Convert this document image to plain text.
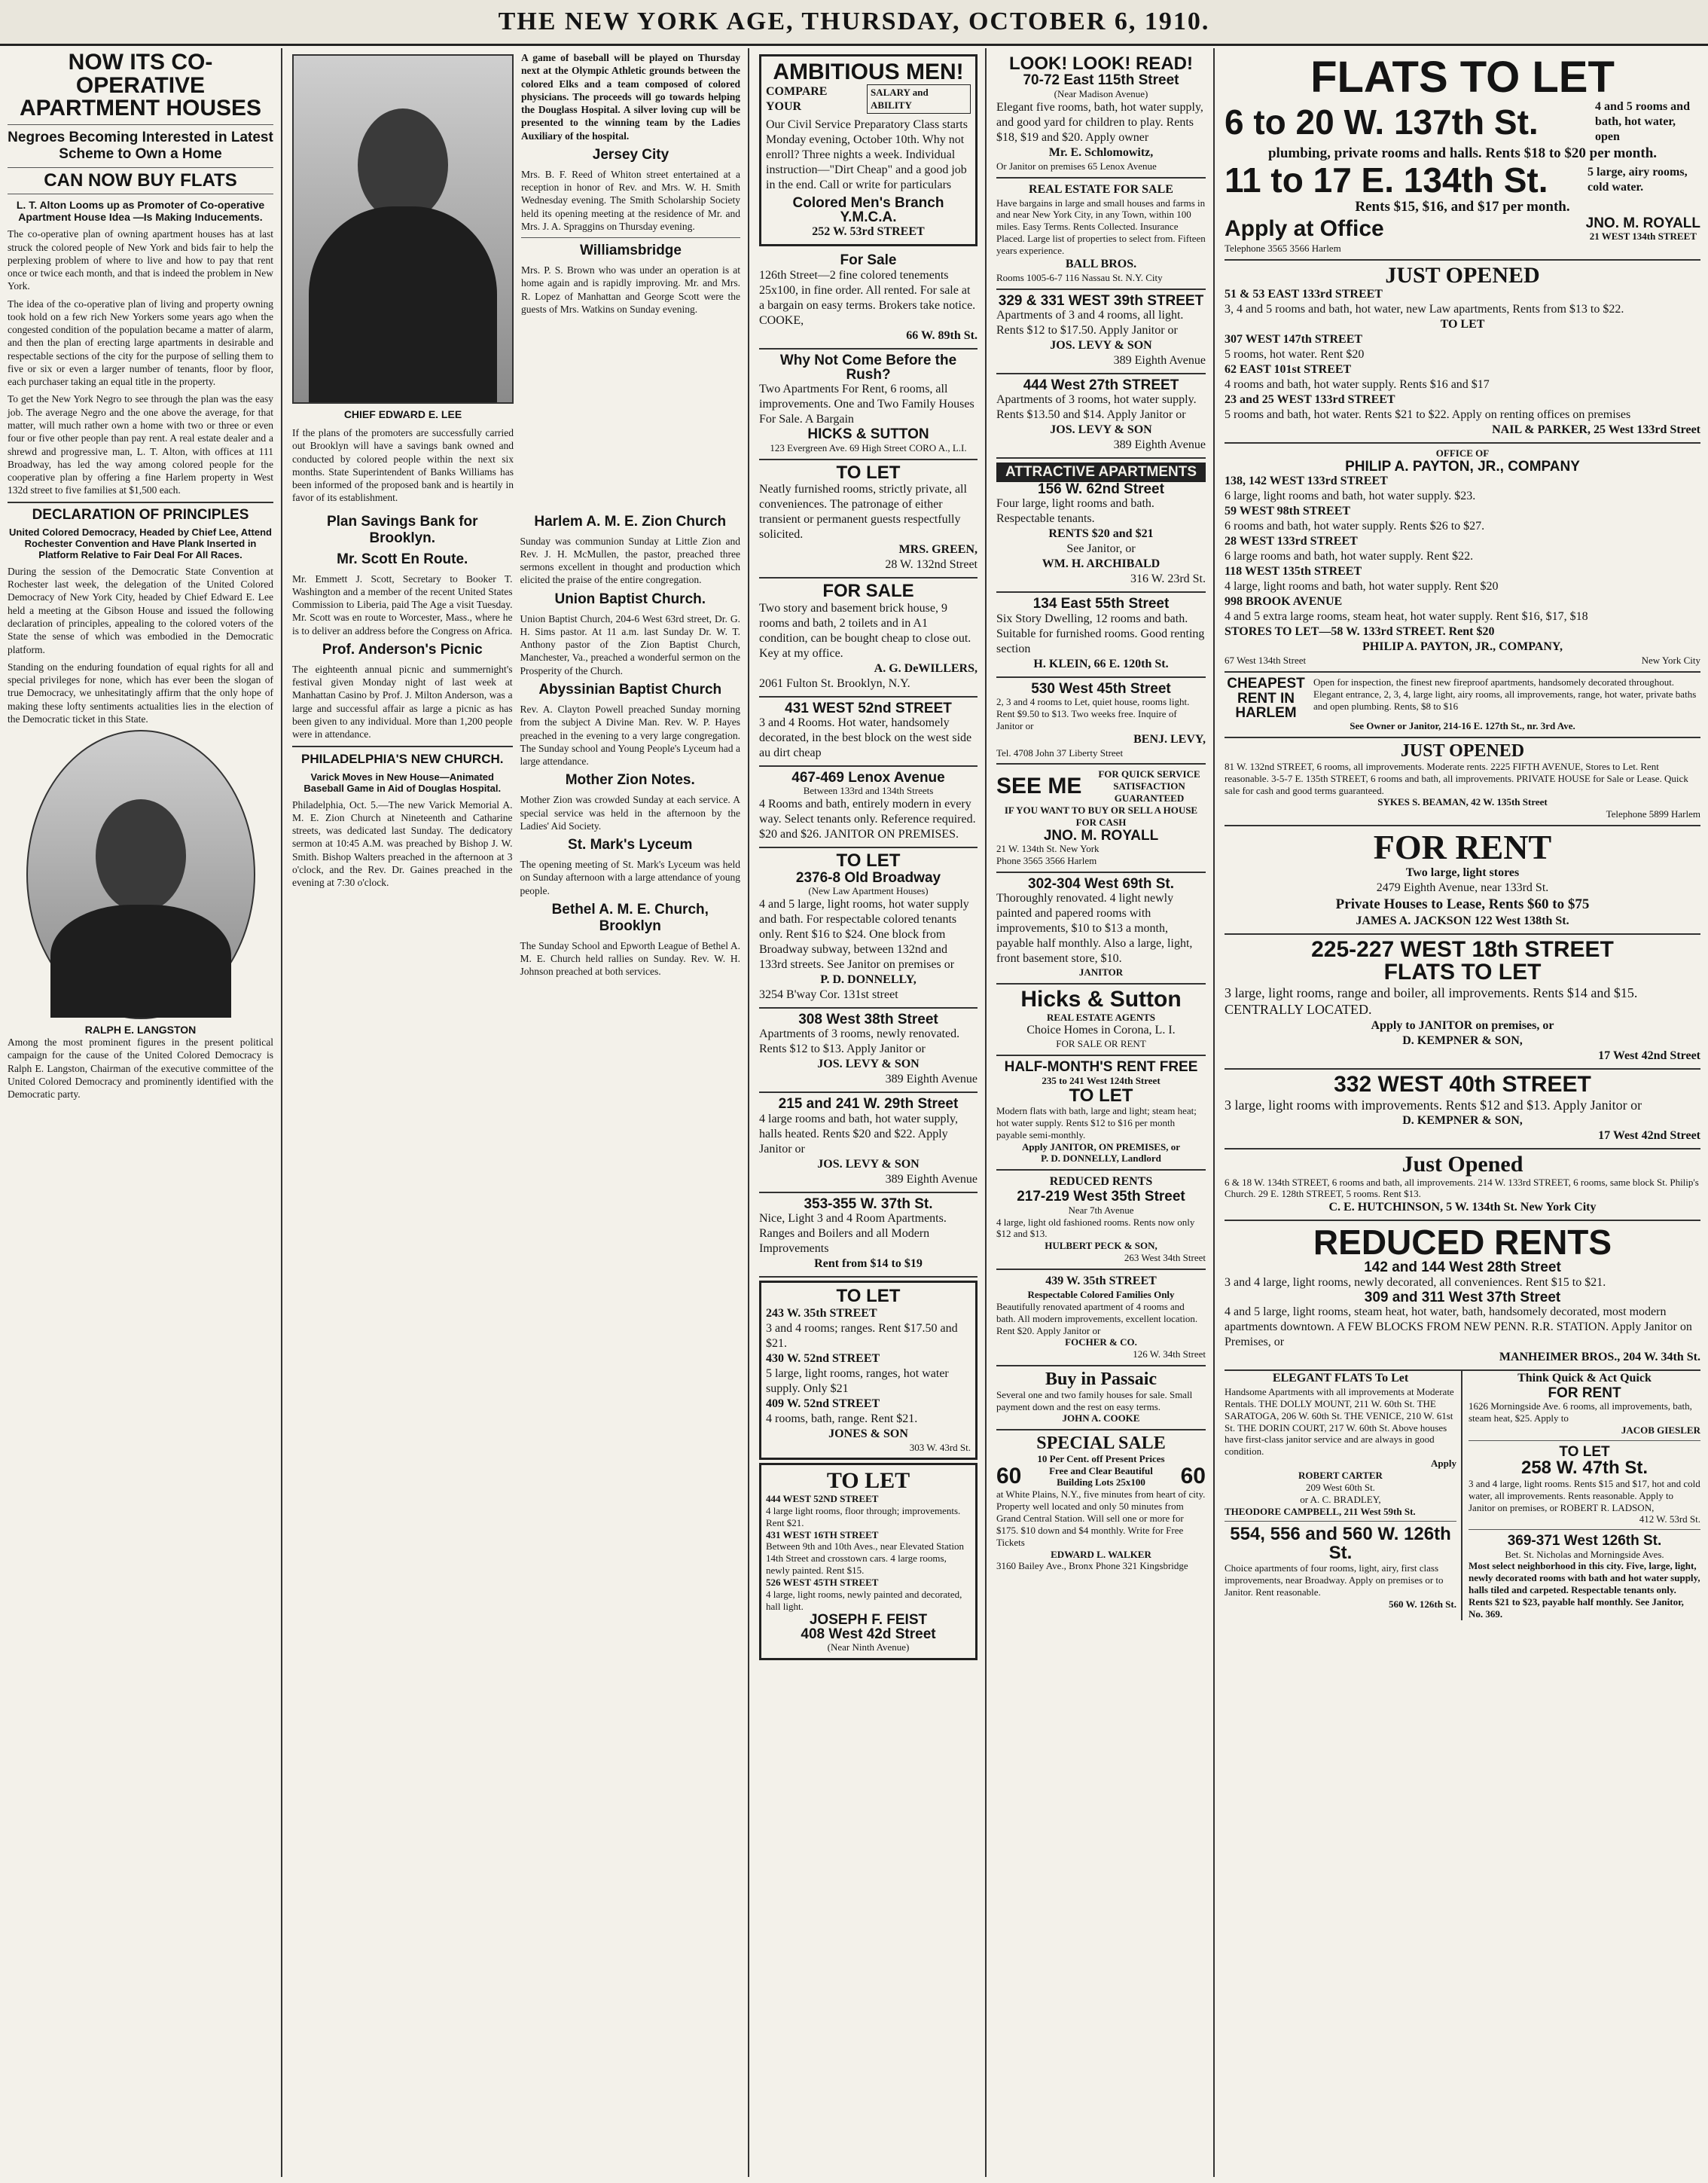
THE NEW YORK AGE, THURSDAY, OCTOBER 6, 1910.
NOW ITS CO-OPERATIVE APARTMENT HOUSES
Negroes Becoming Interested in Latest Scheme to Own a Home
CAN NOW BUY FLATS
L. T. Alton Looms up as Promoter of Co-operative Apartment House Idea —Is Making Inducements.

The co-operative plan of owning apartment houses has at last struck the colored people of New York and bids fair to help the perplexing problem of where to live and how to pay that rent once or twice each month, and that is indeed the problem in New York.

The idea of the co-operative plan of living and property owning took hold on a few rich New Yorkers some years ago when the congested condition of the population became a matter of alarm, and then the plan of erecting large apartments in desirable and respectable sections of the city for the purpose of selling them to five or six or even a larger number of tenants, floor by floor, each purchaser taking an equal title in the property.

To get the New York Negro to see through the plan was the easy job. The average Negro and the one above the average, for that matter, will much rather own a home with two or three or even four or five other people than pay rent. A real estate dealer and a shrewd and progressive man, L. T. Alton, with offices at 111 Broadway, has led the way among colored people for the cooperative plan by offering a fine Harlem property in West 132d street to five families at $1,500 each.

DECLARATION OF PRINCIPLES
United Colored Democracy, Headed by Chief Lee, Attend Rochester Convention and Have Plank Inserted in Platform Relative to Fair Deal For All Races.

During the session of the Democratic State Convention at Rochester last week, the delegation of the United Colored Democracy of New York City, headed by Chief Edward E. Lee held a meeting at the Gibson House and issued the following declaration of principles, appealing to the colored voters of the State the sense of which was embodied in the Democratic platform.

Standing on the enduring foundation of equal rights for all and special privileges for none, which has ever been the slogan of true Democracy, we unhesitatingly affirm that the only hope of making these lofty sentiments actualities lies in the election of the Democratic ticket in this State.

RALPH E. LANGSTON

Among the most prominent figures in the present political campaign for the cause of the United Colored Democracy is Ralph E. Langston, Chairman of the executive committee of the United Colored Democracy and prominently identified with the Democratic party.

CHIEF EDWARD E. LEE

If the plans of the promoters are successfully carried out Brooklyn will have a savings bank owned and conducted by colored people within the next six months. State Superintendent of Banks Williams has been informed of the proposed bank and is heartily in favor of its establishment.

A game of baseball will be played on Thursday next at the Olympic Athletic grounds between the colored Elks and a team composed of colored physicians. The proceeds will go towards helping the Douglass Hospital. A silver loving cup will be presented to the winning team by the Ladies Auxiliary of the hospital.

Jersey City

Mrs. B. F. Reed of Whiton street entertained at a reception in honor of Rev. and Mrs. W. H. Smith Wednesday evening. The Smith Scholarship Society held its opening meeting at the residence of Mr. and Mrs. J. A. Spraggins on Thursday evening.

Williamsbridge

Mrs. P. S. Brown who was under an operation is at home again and is rapidly improving. Mr. and Mrs. R. Lopez of Manhattan and George Scott were the guests of Mrs. Watkins on Sunday evening.

Plan Savings Bank for Brooklyn.
Mr. Scott En Route.

Mr. Emmett J. Scott, Secretary to Booker T. Washington and a member of the recent United States Commission to Liberia, paid The Age a visit Tuesday. Mr. Scott was en route to Worcester, Mass., where he is to deliver an address before the Congress on Africa.

Prof. Anderson's Picnic

The eighteenth annual picnic and summernight's festival given Monday night of last week at Manhattan Casino by Prof. J. Milton Anderson, was a large and successful affair as large a picnic as has been given to any individual. More than 1,200 people were in attendance.

PHILADELPHIA'S NEW CHURCH.
Varick Moves in New House—Animated Baseball Game in Aid of Douglas Hospital.

Philadelphia, Oct. 5.—The new Varick Memorial A. M. E. Zion Church at Nineteenth and Catharine streets, was dedicated last Sunday. The dedicatory sermon at 10:45 A.M. was preached by Bishop J. W. Smith. Bishop Walters preached in the afternoon at 3 o'clock, and the Rev. Dr. Gaines preached in the evening at 7:30 o'clock.

Harlem A. M. E. Zion Church

Sunday was communion Sunday at Little Zion and Rev. J. H. McMullen, the pastor, preached three sermons excellent in thought and production which elicited the praise of the entire congregation.

Union Baptist Church.

Union Baptist Church, 204-6 West 63rd street, Dr. G. H. Sims pastor. At 11 a.m. last Sunday Dr. W. T. Anthony pastor of the Zion Baptist Church, Manchester, Va., preached a wonderful sermon on the Prosperity of the Church.

Abyssinian Baptist Church

Rev. A. Clayton Powell preached Sunday morning from the subject A Divine Man. Rev. W. P. Hayes preached in the evening to a very large congregation. The Sunday school and Young People's Lyceum had a large attendance.

Mother Zion Notes.

Mother Zion was crowded Sunday at each service. A special service was held in the afternoon by the Ladies' Aid Society.

St. Mark's Lyceum

The opening meeting of St. Mark's Lyceum was held on Sunday afternoon with a large attendance of young people.

Bethel A. M. E. Church, Brooklyn

The Sunday School and Epworth League of Bethel A. M. E. Church held rallies on Sunday. Rev. W. H. Johnson preached at both services.

AMBITIOUS MEN!
COMPARE YOUR
SALARY and ABILITY
Our Civil Service Preparatory Class starts Monday evening, October 10th. Why not enroll? Three nights a week. Individual instruction—"Dirt Cheap" and a good job in the end. Call or write for particulars
Colored Men's Branch Y.M.C.A.
252 W. 53rd STREET
For Sale
126th Street—2 fine colored tenements 25x100, in fine order. All rented. For sale at a bargain on easy terms. Brokers take notice. COOKE,
66 W. 89th St.
Why Not Come Before the Rush?
Two Apartments For Rent, 6 rooms, all improvements. One and Two Family Houses For Sale. A Bargain
HICKS & SUTTON
123 Evergreen Ave. 69 High Street CORO A., L.I.
TO LET
Neatly furnished rooms, strictly private, all conveniences. The patronage of either transient or permanent guests respectfully solicited.
MRS. GREEN,
28 W. 132nd Street
FOR SALE
Two story and basement brick house, 9 rooms and bath, 2 toilets and in A1 condition, can be bought cheap to close out. Key at my office.
A. G. DeWILLERS,
2061 Fulton St. Brooklyn, N.Y.
431 WEST 52nd STREET
3 and 4 Rooms. Hot water, handsomely decorated, in the best block on the west side au dirt cheap
467-469 Lenox Avenue
Between 133rd and 134th Streets
4 Rooms and bath, entirely modern in every way. Select tenants only. Reference required. $20 and $26. JANITOR ON PREMISES.
TO LET
2376-8 Old Broadway
(New Law Apartment Houses)
4 and 5 large, light rooms, hot water supply and bath. For respectable colored tenants only. Rent $16 to $24. One block from Broadway subway, between 132nd and 133rd streets. See Janitor on premises or
P. D. DONNELLY,
3254 B'way Cor. 131st street
308 West 38th Street
Apartments of 3 rooms, newly renovated. Rents $12 to $13. Apply Janitor or
JOS. LEVY & SON
389 Eighth Avenue
215 and 241 W. 29th Street
4 large rooms and bath, hot water supply, halls heated. Rents $20 and $22. Apply Janitor or
JOS. LEVY & SON
389 Eighth Avenue
353-355 W. 37th St.
Nice, Light 3 and 4 Room Apartments. Ranges and Boilers and all Modern Improvements
Rent from $14 to $19
TO LET
243 W. 35th STREET
3 and 4 rooms; ranges. Rent $17.50 and $21.
430 W. 52nd STREET
5 large, light rooms, ranges, hot water supply. Only $21
409 W. 52nd STREET
4 rooms, bath, range. Rent $21.
JONES & SON
303 W. 43rd St.
TO LET
444 WEST 52ND STREET
4 large light rooms, floor through; improvements. Rent $21.
431 WEST 16TH STREET
Between 9th and 10th Aves., near Elevated Station 14th Street and crosstown cars. 4 large rooms, newly painted. Rent $15.
526 WEST 45TH STREET
4 large, light rooms, newly painted and decorated, hall light.
JOSEPH F. FEIST
408 West 42d Street
(Near Ninth Avenue)
LOOK! LOOK! READ!
70-72 East 115th Street
(Near Madison Avenue)
Elegant five rooms, bath, hot water supply, and good yard for children to play. Rents $18, $19 and $20. Apply owner
Mr. E. Schlomowitz,
Or Janitor on premises 65 Lenox Avenue
REAL ESTATE FOR SALE
Have bargains in large and small houses and farms in and near New York City, in any Town, within 100 miles. Easy Terms. Rents Collected. Insurance Placed. Large list of properties to select from. Fifteen years experience.
BALL BROS.
Rooms 1005-6-7 116 Nassau St. N.Y. City
329 & 331 WEST 39th STREET
Apartments of 3 and 4 rooms, all light. Rents $12 to $17.50. Apply Janitor or
JOS. LEVY & SON
389 Eighth Avenue
444 West 27th STREET
Apartments of 3 rooms, hot water supply. Rents $13.50 and $14. Apply Janitor or
JOS. LEVY & SON
389 Eighth Avenue
ATTRACTIVE APARTMENTS
156 W. 62nd Street
Four large, light rooms and bath. Respectable tenants.
RENTS $20 and $21
See Janitor, or
WM. H. ARCHIBALD
316 W. 23rd St.
134 East 55th Street
Six Story Dwelling, 12 rooms and bath. Suitable for furnished rooms. Good renting section
H. KLEIN, 66 E. 120th St.
530 West 45th Street
2, 3 and 4 rooms to Let, quiet house, rooms light. Rent $9.50 to $13. Two weeks free. Inquire of Janitor or
BENJ. LEVY,
Tel. 4708 John 37 Liberty Street
SEE ME	FOR QUICK SERVICE SATISFACTION GUARANTEED
IF YOU WANT TO BUY OR SELL A HOUSE FOR CASH
JNO. M. ROYALL
21 W. 134th St. New York
Phone 3565 3566 Harlem
302-304 West 69th St.
Thoroughly renovated. 4 light newly painted and papered rooms with improvements, $10 to $13 a month, payable half monthly. Also a large, light, front basement store, $10.
JANITOR
Hicks & Sutton
REAL ESTATE AGENTS
Choice Homes in Corona, L. I.
FOR SALE OR RENT
HALF-MONTH'S RENT FREE
235 to 241 West 124th Street
TO LET
Modern flats with bath, large and light; steam heat; hot water supply. Rents $12 to $16 per month payable semi-monthly.
Apply JANITOR, ON PREMISES, or
P. D. DONNELLY, Landlord
REDUCED RENTS
217-219 West 35th Street
Near 7th Avenue
4 large, light old fashioned rooms. Rents now only $12 and $13.
HULBERT PECK & SON,
263 West 34th Street
439 W. 35th STREET
Respectable Colored Families Only
Beautifully renovated apartment of 4 rooms and bath. All modern improvements, excellent location. Rent $20. Apply Janitor or
FOCHER & CO.
126 W. 34th Street
Buy in Passaic
Several one and two family houses for sale. Small payment down and the rest on easy terms.
JOHN A. COOKE
SPECIAL SALE
10 Per Cent. off Present Prices
60	Free and Clear Beautiful Building Lots 25x100	60
at White Plains, N.Y., five minutes from heart of city. Property well located and only 50 minutes from Grand Central Station. Will sell one or more for $175. $10 down and $4 monthly. Write for Free Tickets
EDWARD L. WALKER
3160 Bailey Ave., Bronx Phone 321 Kingsbridge
FLATS TO LET
6 to 20 W. 137th St.	4 and 5 rooms and bath, hot water, open
plumbing, private rooms and halls. Rents $18 to $20 per month.
11 to 17 E. 134th St.	5 large, airy rooms, cold water.
Rents $15, $16, and $17 per month.
Apply at Office	JNO. M. ROYALL
21 WEST 134th STREET
Telephone 3565 3566 Harlem
JUST OPENED
51 & 53 EAST 133rd STREET
3, 4 and 5 rooms and bath, hot water, new Law apartments, Rents from $13 to $22.
TO LET
307 WEST 147th STREET
5 rooms, hot water. Rent $20
62 EAST 101st STREET
4 rooms and bath, hot water supply. Rents $16 and $17
23 and 25 WEST 133rd STREET
5 rooms and bath, hot water. Rents $21 to $22. Apply on renting offices on premises
NAIL & PARKER, 25 West 133rd Street
OFFICE OF
PHILIP A. PAYTON, JR., COMPANY
138, 142 WEST 133rd STREET
6 large, light rooms and bath, hot water supply. $23.
59 WEST 98th STREET
6 rooms and bath, hot water supply. Rents $26 to $27.
28 WEST 133rd STREET
6 large rooms and bath, hot water supply. Rent $22.
118 WEST 135th STREET
4 large, light rooms and bath, hot water supply. Rent $20
998 BROOK AVENUE
4 and 5 extra large rooms, steam heat, hot water supply. Rent $16, $17, $18
STORES TO LET—58 W. 133rd STREET. Rent $20
PHILIP A. PAYTON, JR., COMPANY,
67 West 134th Street	New York City
CHEAPEST RENT IN HARLEM
Open for inspection, the finest new fireproof apartments, handsomely decorated throughout. Elegant entrance, 2, 3, 4, large light, airy rooms, all improvements, range, hot water, private baths and open plumbing. Rents, $8 to $16
See Owner or Janitor, 214-16 E. 127th St., nr. 3rd Ave.
JUST OPENED
81 W. 132nd STREET, 6 rooms, all improvements. Moderate rents. 2225 FIFTH AVENUE, Stores to Let. Rent reasonable. 3-5-7 E. 135th STREET, 6 rooms and bath, all improvements. PRIVATE HOUSE for Sale or Lease. Quick sale for cash and good terms guaranteed.
SYKES S. BEAMAN, 42 W. 135th Street
Telephone 5899 Harlem
FOR RENT
Two large, light stores
2479 Eighth Avenue, near 133rd St.
Private Houses to Lease, Rents $60 to $75
JAMES A. JACKSON 122 West 138th St.
225-227 WEST 18th STREET
FLATS TO LET
3 large, light rooms, range and boiler, all improvements. Rents $14 and $15. CENTRALLY LOCATED.
Apply to JANITOR on premises, or
D. KEMPNER & SON,
17 West 42nd Street
332 WEST 40th STREET
3 large, light rooms with improvements. Rents $12 and $13. Apply Janitor or
D. KEMPNER & SON,
17 West 42nd Street
Just Opened
6 & 18 W. 134th STREET, 6 rooms and bath, all improvements. 214 W. 133rd STREET, 6 rooms, same block St. Philip's Church. 29 E. 128th STREET, 5 rooms. Rent $13.
C. E. HUTCHINSON, 5 W. 134th St. New York City
REDUCED RENTS
142 and 144 West 28th Street
3 and 4 large, light rooms, newly decorated, all conveniences. Rent $15 to $21.
309 and 311 West 37th Street
4 and 5 large, light rooms, steam heat, hot water, bath, handsomely decorated, most modern apartments downtown. A FEW BLOCKS FROM NEW PENN. R.R. STATION. Apply Janitor on Premises, or
MANHEIMER BROS., 204 W. 34th St.
ELEGANT FLATS To Let
Handsome Apartments with all improvements at Moderate Rentals. THE DOLLY MOUNT, 211 W. 60th St. THE SARATOGA, 206 W. 60th St. THE VENICE, 210 W. 61st St. THE DORIN COURT, 217 W. 60th St. Above houses have first-class janitor service and are always in good condition.
Apply
ROBERT CARTER
209 West 60th St.
or A. C. BRADLEY,
THEODORE CAMPBELL, 211 West 59th St.
554, 556 and 560 W. 126th St.
Choice apartments of four rooms, light, airy, first class improvements, near Broadway. Apply on premises or to Janitor. Rent reasonable.
560 W. 126th St.
Think Quick & Act Quick
FOR RENT
1626 Morningside Ave. 6 rooms, all improvements, bath, steam heat, $25. Apply to
JACOB GIESLER
TO LET
258 W. 47th St.
3 and 4 large, light rooms. Rents $15 and $17, hot and cold water, all improvements. Rents reasonable. Apply to Janitor on premises, or ROBERT R. LADSON,
412 W. 53rd St.
369-371 West 126th St.
Bet. St. Nicholas and Morningside Aves.
Most select neighborhood in this city. Five, large, light, newly decorated rooms with bath and hot water supply, halls tiled and carpeted. Respectable tenants only. Rents $21 to $23, payable half monthly. See Janitor, No. 369.
